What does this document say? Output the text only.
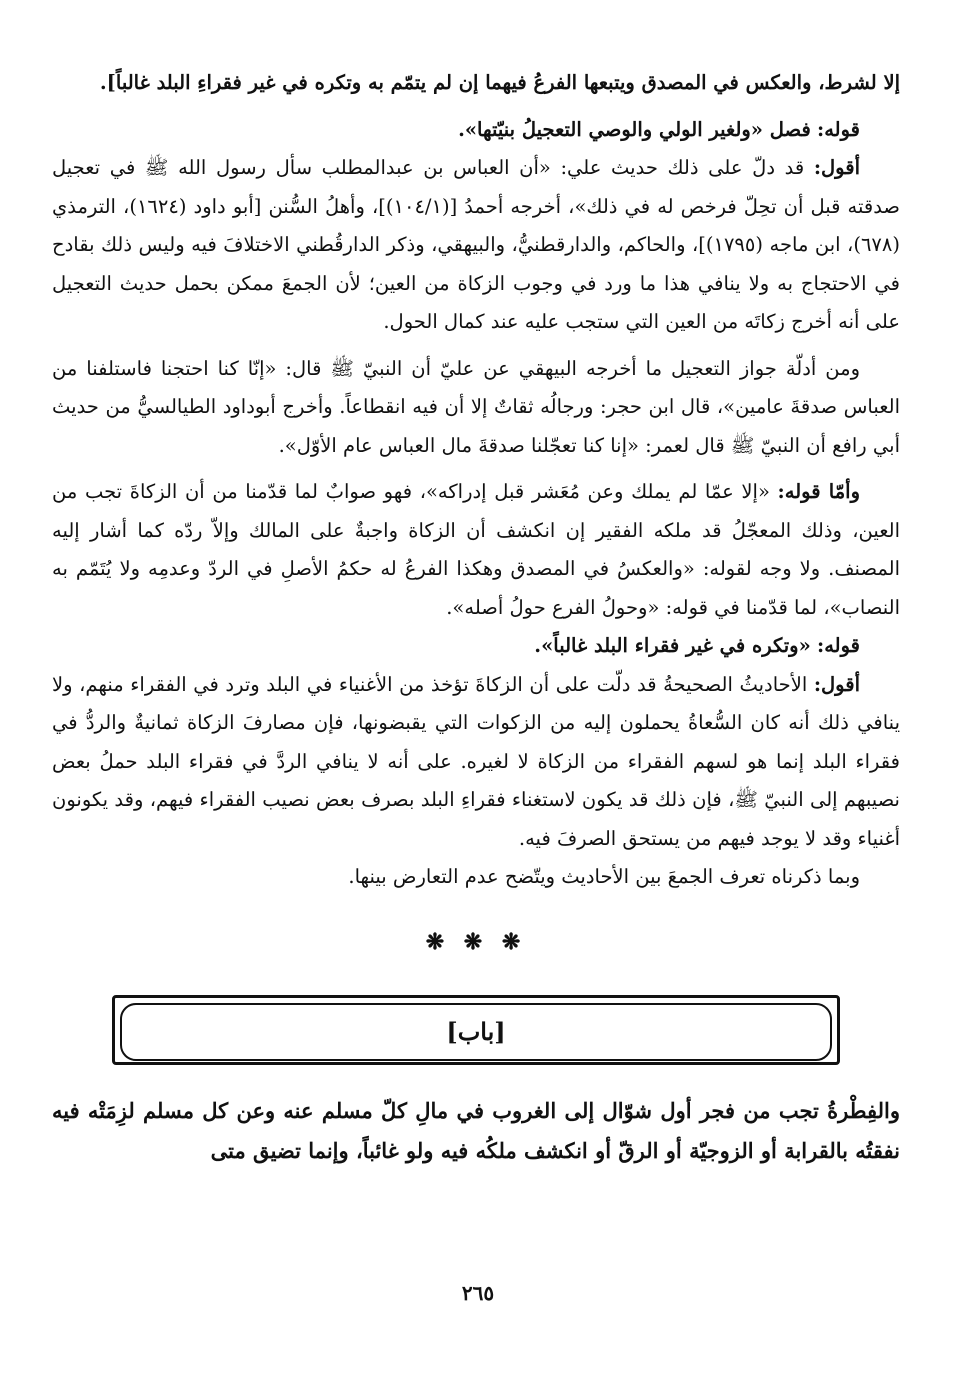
إلا لشرط، والعكس في المصدق ويتبعها الفرعُ فيهما إن لم يتمّم به وتكره في غير فقراءِ البلد غالباً].

قوله: فصل «ولغير الولي والوصي التعجيلُ بنيّتها».

أقول: قد دلّ على ذلك حديث علي: «أن العباس بن عبدالمطلب سأل رسول الله ﷺ في تعجيل صدقته قبل أن تحِلّ فرخص له في ذلك»، أخرجه أحمدُ [(١٠٤/١)]، وأهلُ السُّنن [أبو داود (١٦٢٤)، الترمذي (٦٧٨)، ابن ماجه (١٧٩٥)]، والحاكم، والدارقطنيُّ، والبيهقي، وذكر الدارقُطني الاختلافَ فيه وليس ذلك بقادح في الاحتجاج به ولا ينافي هذا ما ورد في وجوب الزكاة من العين؛ لأن الجمعَ ممكن بحمل حديث التعجيل على أنه أخرج زكاتَه من العين التي ستجب عليه عند كمال الحول.

ومن أدلّة جواز التعجيل ما أخرجه البيهقي عن عليّ أن النبيّ ﷺ قال: «إنّا كنا احتجنا فاستلفنا من العباس صدقةَ عامين»، قال ابن حجر: ورجالُه ثقاتٌ إلا أن فيه انقطاعاً. وأخرج أبوداود الطيالسيُّ من حديث أبي رافع أن النبيّ ﷺ قال لعمر: «إنا كنا تعجّلنا صدقةَ مال العباس عام الأوّل».

وأمّا قوله: «إلا عمّا لم يملك وعن مُعَشر قبل إدراكه»، فهو صوابٌ لما قدّمنا من أن الزكاةَ تجب من العين، وذلك المعجّلُ قد ملكه الفقير إن انكشف أن الزكاة واجبةٌ على المالك وإلاّ ردّه كما أشار إليه المصنف. ولا وجه لقوله: «والعكسُ في المصدق وهكذا الفرعُ له حكمُ الأصلِ في الردّ وعدمِه ولا يُتَمّم به النصاب»، لما قدّمنا في قوله: «وحولُ الفرع حولُ أصله».

قوله: «وتكره في غير فقراء البلد غالباً».

أقول: الأحاديثُ الصحيحةُ قد دلّت على أن الزكاةَ تؤخذ من الأغنياء في البلد وترد في الفقراء منهم، ولا ينافي ذلك أنه كان السُّعاةُ يحملون إليه من الزكوات التي يقبضونها، فإن مصارفَ الزكاة ثمانيةٌ والردُّ في فقراء البلد إنما هو لسهم الفقراء من الزكاة لا لغيره. على أنه لا ينافي الردَّ في فقراء البلد حملُ بعض نصيبهم إلى النبيّ ﷺ، فإن ذلك قد يكون لاستغناء فقراءِ البلد بصرف بعض نصيب الفقراء فيهم، وقد يكونون أغنياء وقد لا يوجد فيهم من يستحق الصرفَ فيه.

وبما ذكرناه تعرف الجمعَ بين الأحاديث ويتّضح عدم التعارض بينها.

❋ ❋ ❋
[باب]

والفِطْرةُ تجب من فجر أول شوّال إلى الغروب في مالِ كلّ مسلم عنه وعن كل مسلم لزِمَتْه فيه نفقتُه بالقرابة أو الزوجيّة أو الرقّ أو انكشف ملكُه فيه ولو غائباً، وإنما تضيق متى

٢٦٥
